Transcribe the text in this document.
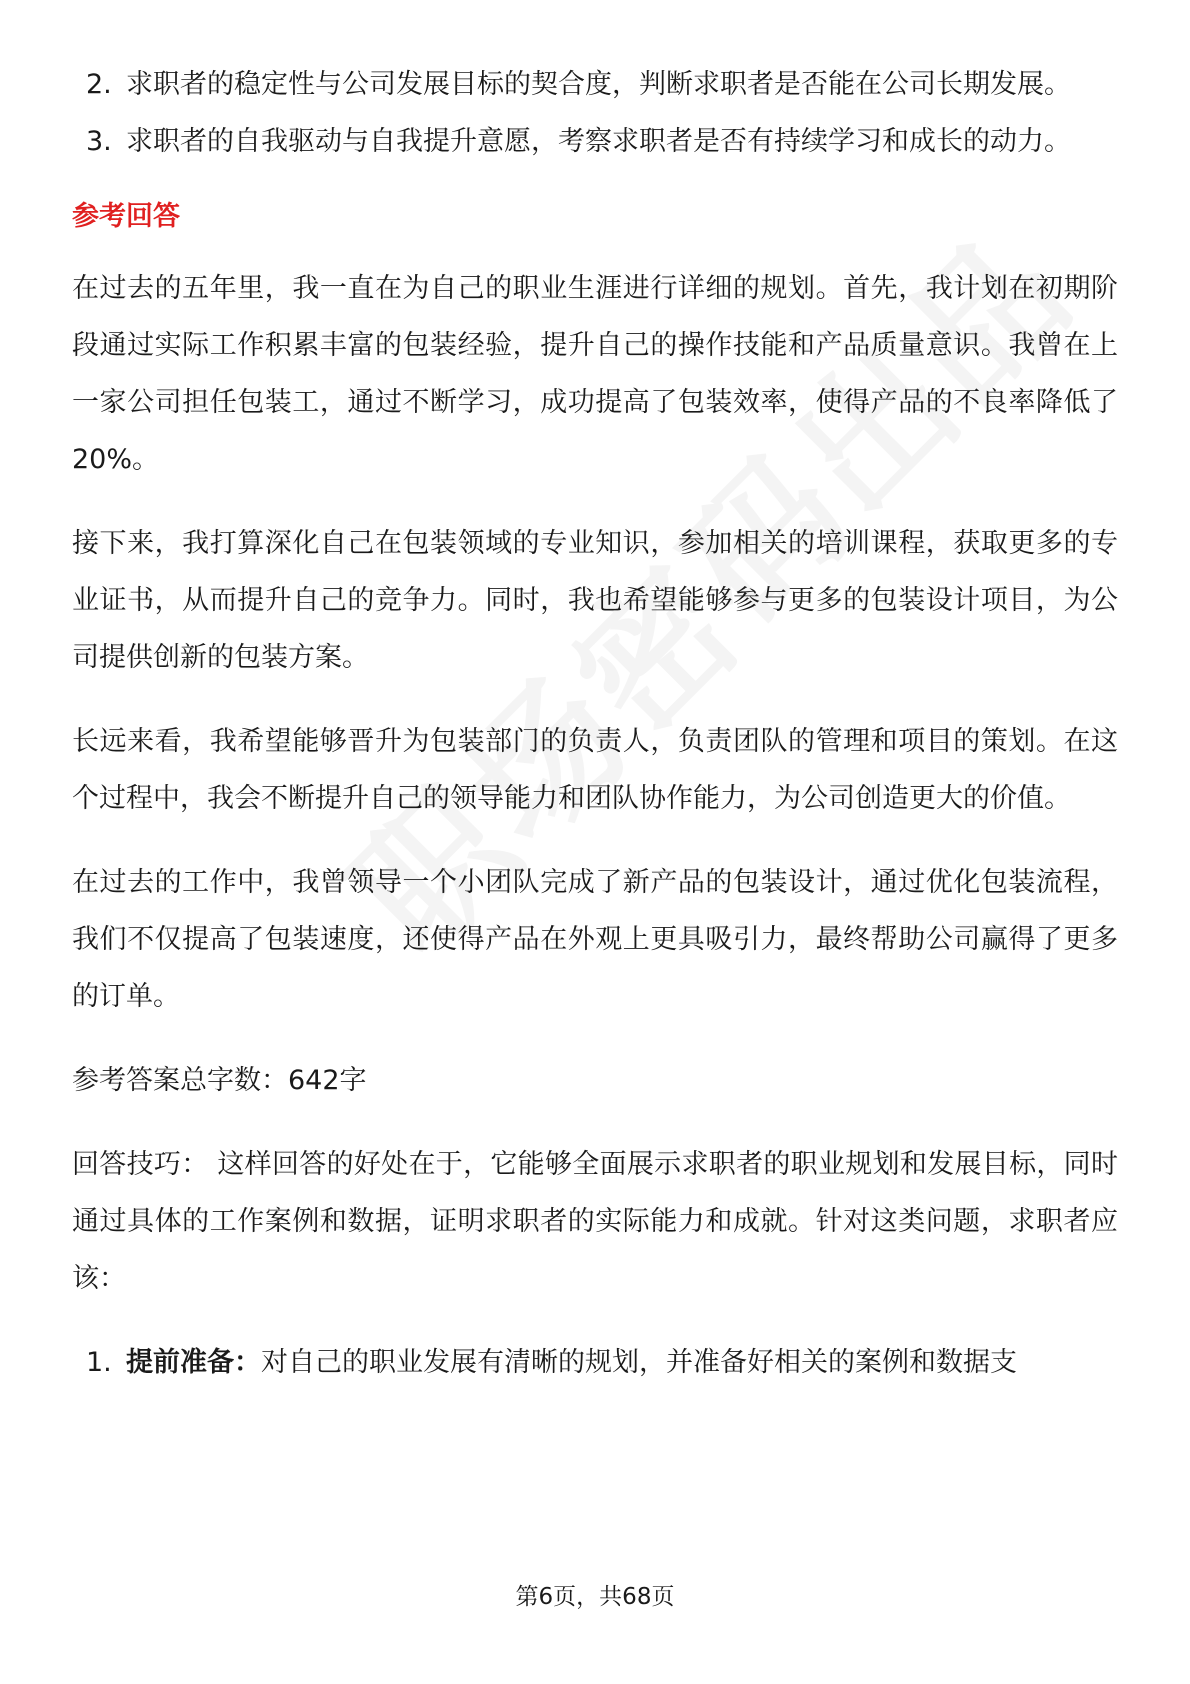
2. 求职者的稳定性与公司发展目标的契合度，判断求职者是否能在公司长期发展。
3. 求职者的自我驱动与自我提升意愿，考察求职者是否有持续学习和成长的动力。
参考回答

在过去的五年里，我一直在为自己的职业生涯进行详细的规划。首先，我计划在初期阶段通过实际工作积累丰富的包装经验，提升自己的操作技能和产品质量意识。我曾在上一家公司担任包装工，通过不断学习，成功提高了包装效率，使得产品的不良率降低了20%。

接下来，我打算深化自己在包装领域的专业知识，参加相关的培训课程，获取更多的专业证书，从而提升自己的竞争力。同时，我也希望能够参与更多的包装设计项目，为公司提供创新的包装方案。

长远来看，我希望能够晋升为包装部门的负责人，负责团队的管理和项目的策划。在这个过程中，我会不断提升自己的领导能力和团队协作能力，为公司创造更大的价值。

在过去的工作中，我曾领导一个小团队完成了新产品的包装设计，通过优化包装流程，我们不仅提高了包装速度，还使得产品在外观上更具吸引力，最终帮助公司赢得了更多的订单。

参考答案总字数：642字

回答技巧： 这样回答的好处在于，它能够全面展示求职者的职业规划和发展目标，同时通过具体的工作案例和数据，证明求职者的实际能力和成就。针对这类问题，求职者应该：

1. 提前准备：对自己的职业发展有清晰的规划，并准备好相关的案例和数据支
第6页，共68页
